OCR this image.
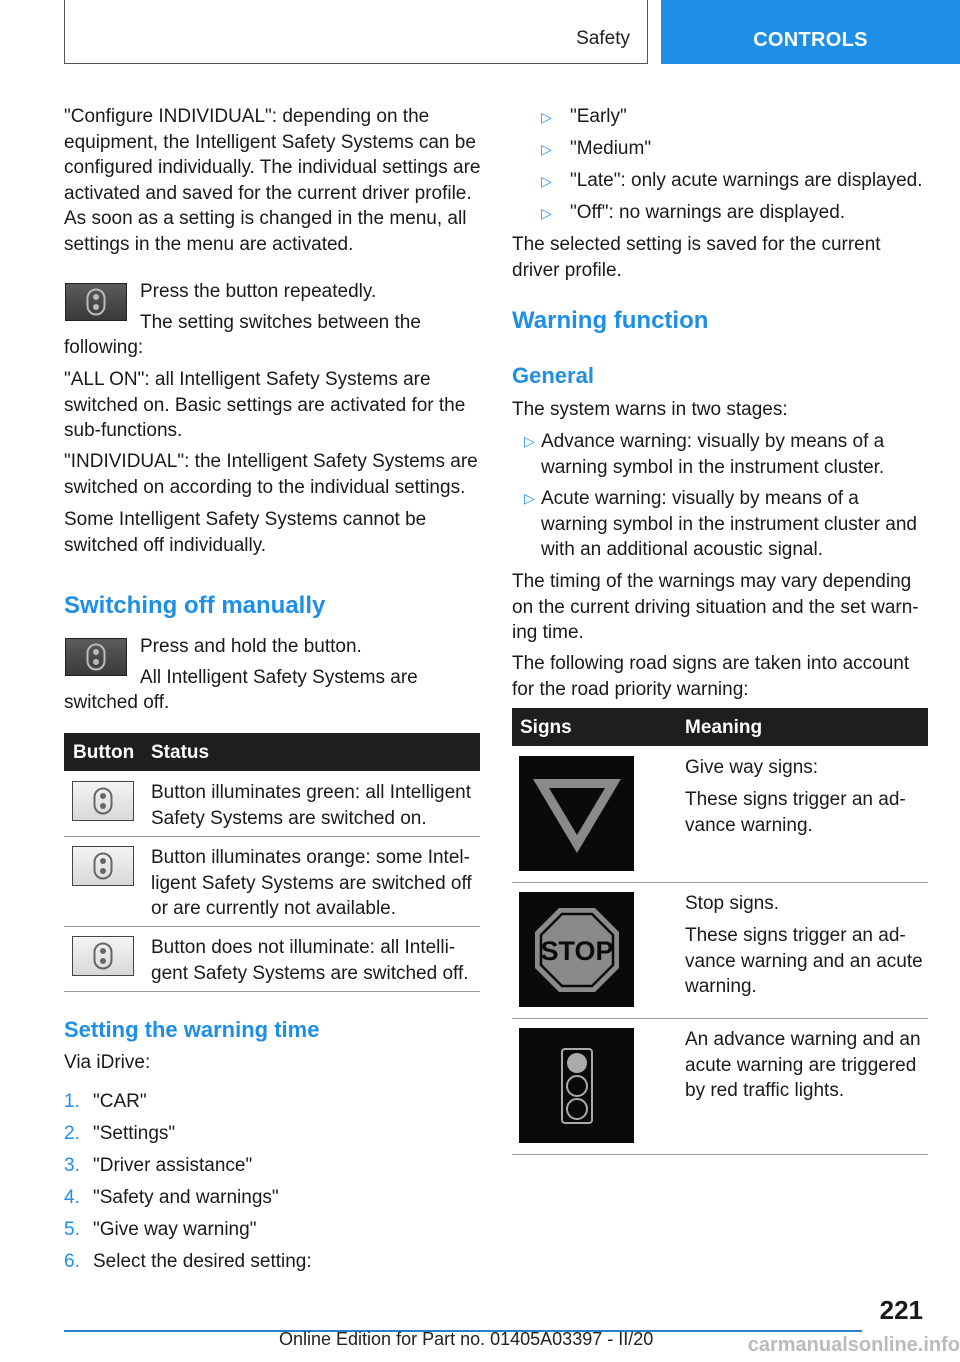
Safety	CONTROLS

"Configure INDIVIDUAL": depending on the equipment, the Intelligent Safety Systems can be configured individually. The individual settings are activated and saved for the current driver profile. As soon as a setting is changed in the menu, all settings in the menu are activated.

Press the button repeatedly.

The setting switches between the

following:

"ALL ON": all Intelligent Safety Systems are switched on. Basic settings are activated for the sub-functions.

"INDIVIDUAL": the Intelligent Safety Systems are switched on according to the individual settings.

Some Intelligent Safety Systems cannot be switched off individually.

Switching off manually

Press and hold the button.

All Intelligent Safety Systems are

switched off.

Button Status

Button illuminates green: all Intelligent Safety Systems are switched on.

Button illuminates orange: some Intel-ligent Safety Systems are switched off or are currently not available.

Button does not illuminate: all Intelli-gent Safety Systems are switched off.

Setting the warning time

Via iDrive:

1. "CAR"
2. "Settings"
3. "Driver assistance"
4. "Safety and warnings"
5. "Give way warning"
6. Select the desired setting:
▷ "Early"
▷ "Medium"
▷ "Late": only acute warnings are displayed.
▷ "Off": no warnings are displayed.

The selected setting is saved for the current driver profile.

Warning function
General

The system warns in two stages:

▷ Advance warning: visually by means of a warning symbol in the instrument cluster.

▷ Acute warning: visually by means of a warning symbol in the instrument cluster and with an additional acoustic signal.

The timing of the warnings may vary depending on the current driving situation and the set warn-ing time.

The following road signs are taken into account for the road priority warning:

Signs	Meaning

Give way signs:

These signs trigger an ad-vance warning.

STOP

Stop signs.

These signs trigger an ad-vance warning and an acute warning.

An advance warning and an acute warning are triggered by red traffic lights.

221
Online Edition for Part no. 01405A03397 - II/20	carmanualsonline.info
